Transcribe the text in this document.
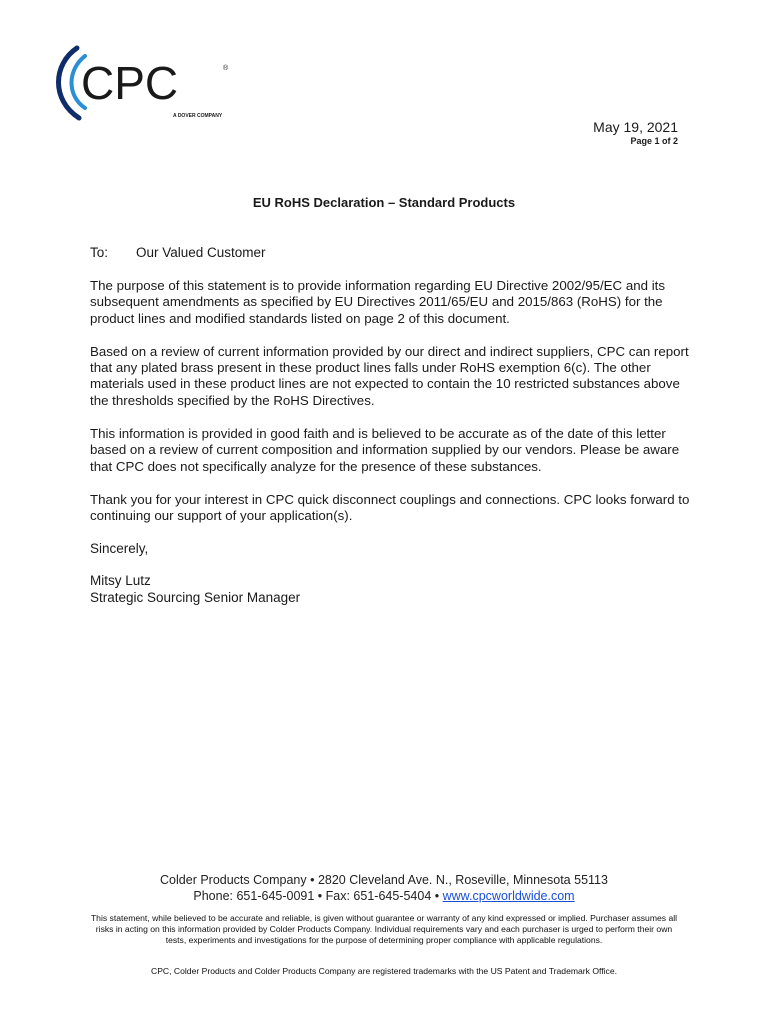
CPC	®
A DOVER COMPANY
May 19, 2021
Page 1 of 2
EU RoHS Declaration – Standard Products
To: Our Valued Customer

The purpose of this statement is to provide information regarding EU Directive 2002/95/EC and its subsequent amendments as specified by EU Directives 2011/65/EU and 2015/863 (RoHS) for the product lines and modified standards listed on page 2 of this document.

Based on a review of current information provided by our direct and indirect suppliers, CPC can report that any plated brass present in these product lines falls under RoHS exemption 6(c). The other materials used in these product lines are not expected to contain the 10 restricted substances above the thresholds specified by the RoHS Directives.

This information is provided in good faith and is believed to be accurate as of the date of this letter based on a review of current composition and information supplied by our vendors. Please be aware that CPC does not specifically analyze for the presence of these substances.

Thank you for your interest in CPC quick disconnect couplings and connections. CPC looks forward to continuing our support of your application(s).

Sincerely,
Mitsy Lutz
Strategic Sourcing Senior Manager
Colder Products Company • 2820 Cleveland Ave. N., Roseville, Minnesota 55113
Phone: 651-645-0091 • Fax: 651-645-5404 • www.cpcworldwide.com
This statement, while believed to be accurate and reliable, is given without guarantee or warranty of any kind expressed or implied. Purchaser assumes all risks in acting on this information provided by Colder Products Company. Individual requirements vary and each purchaser is urged to perform their own tests, experiments and investigations for the purpose of determining proper compliance with applicable regulations.
CPC, Colder Products and Colder Products Company are registered trademarks with the US Patent and Trademark Office.
